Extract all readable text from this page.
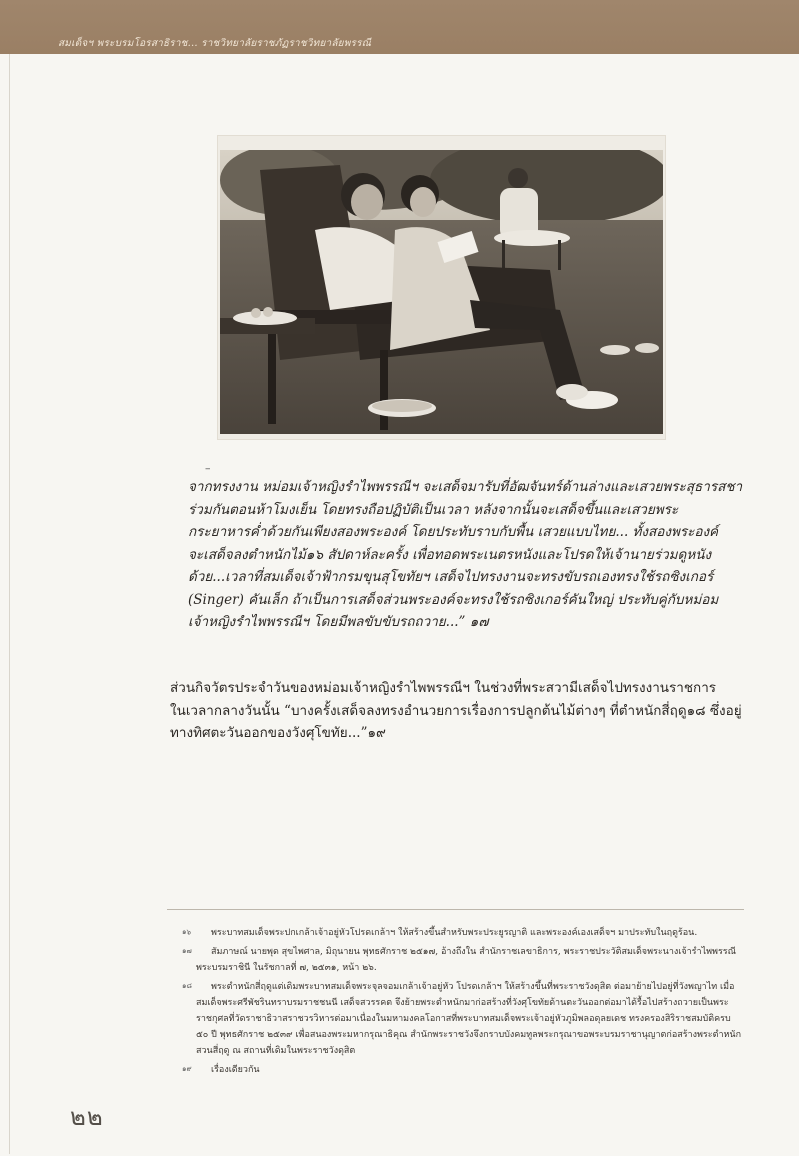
สมเด็จฯ พระบรมโอรสาธิราช... ราชวิทยาลัยราชภัฏราชวิทยาลัยพรรณี
–

จากทรงงาน หม่อมเจ้าหญิงรำไพพรรณีฯ จะเสด็จมารับที่อัฒจันทร์ด้านล่างและเสวยพระสุธารสชา

ร่วมกันตอนห้าโมงเย็น โดยทรงถือปฏิบัติเป็นเวลา หลังจากนั้นจะเสด็จขึ้นและเสวยพระ

กระยาหารค่ำด้วยกันเพียงสองพระองค์ โดยประทับราบกับพื้น เสวยแบบไทย... ทั้งสองพระองค์

จะเสด็จลงตำหนักไม้๑๖ สัปดาห์ละครั้ง เพื่อทอดพระเนตรหนังและโปรดให้เจ้านายร่วมดูหนัง

ด้วย...เวลาที่สมเด็จเจ้าฟ้ากรมขุนสุโขทัยฯ เสด็จไปทรงงานจะทรงขับรถเองทรงใช้รถซิงเกอร์

(Singer) คันเล็ก ถ้าเป็นการเสด็จส่วนพระองค์จะทรงใช้รถซิงเกอร์คันใหญ่ ประทับคู่กับหม่อม

เจ้าหญิงรำไพพรรณีฯ โดยมีพลขับขับรถถวาย...” ๑๗

ส่วนกิจวัตรประจำวันของหม่อมเจ้าหญิงรำไพพรรณีฯ ในช่วงที่พระสวามีเสด็จไปทรงงานราชการ

ในเวลากลางวันนั้น “บางครั้งเสด็จลงทรงอำนวยการเรื่องการปลูกต้นไม้ต่างๆ ที่ตำหนักสี่ฤดู๑๘ ซึ่งอยู่

ทางทิศตะวันออกของวังศุโขทัย...”๑๙

๑๖	พระบาทสมเด็จพระปกเกล้าเจ้าอยู่หัวโปรดเกล้าฯ ให้สร้างขึ้นสำหรับพระประยูรญาติ และพระองค์เองเสด็จฯ มาประทับในฤดูร้อน.
๑๗	สัมภาษณ์ นายพุด สุขไพศาล, มิถุนายน พุทธศักราช ๒๕๑๗, อ้างถึงใน สำนักราชเลขาธิการ, พระราชประวัติสมเด็จพระนางเจ้ารำไพพรรณี พระบรมราชินี ในรัชกาลที่ ๗, ๒๕๓๑, หน้า ๒๖.
๑๘	พระตำหนักสี่ฤดูแต่เดิมพระบาทสมเด็จพระจุลจอมเกล้าเจ้าอยู่หัว โปรดเกล้าฯ ให้สร้างขึ้นที่พระราชวังดุสิต ต่อมาย้ายไปอยู่ที่วังพญาไท เมื่อสมเด็จพระศรีพัชรินทราบรมราชชนนี เสด็จสวรรคต จึงย้ายพระตำหนักมาก่อสร้างที่วังศุโขทัยด้านตะวันออกต่อมาได้รื้อไปสร้างถวายเป็นพระราชกุศลที่วัดราชาธิวาสราชวรวิหารต่อมาเนื่องในมหามงคลโอกาสที่พระบาทสมเด็จพระเจ้าอยู่หัวภูมิพลอดุลยเดช ทรงครองสิริราชสมบัติครบ ๕๐ ปี พุทธศักราช ๒๕๓๙ เพื่อสนองพระมหากรุณาธิคุณ สำนักพระราชวังจึงกราบบังคมทูลพระกรุณาขอพระบรมราชานุญาตก่อสร้างพระตำหนักสวนสี่ฤดู ณ สถานที่เดิมในพระราชวังดุสิต
๑๙	เรื่องเดียวกัน
๒๒
